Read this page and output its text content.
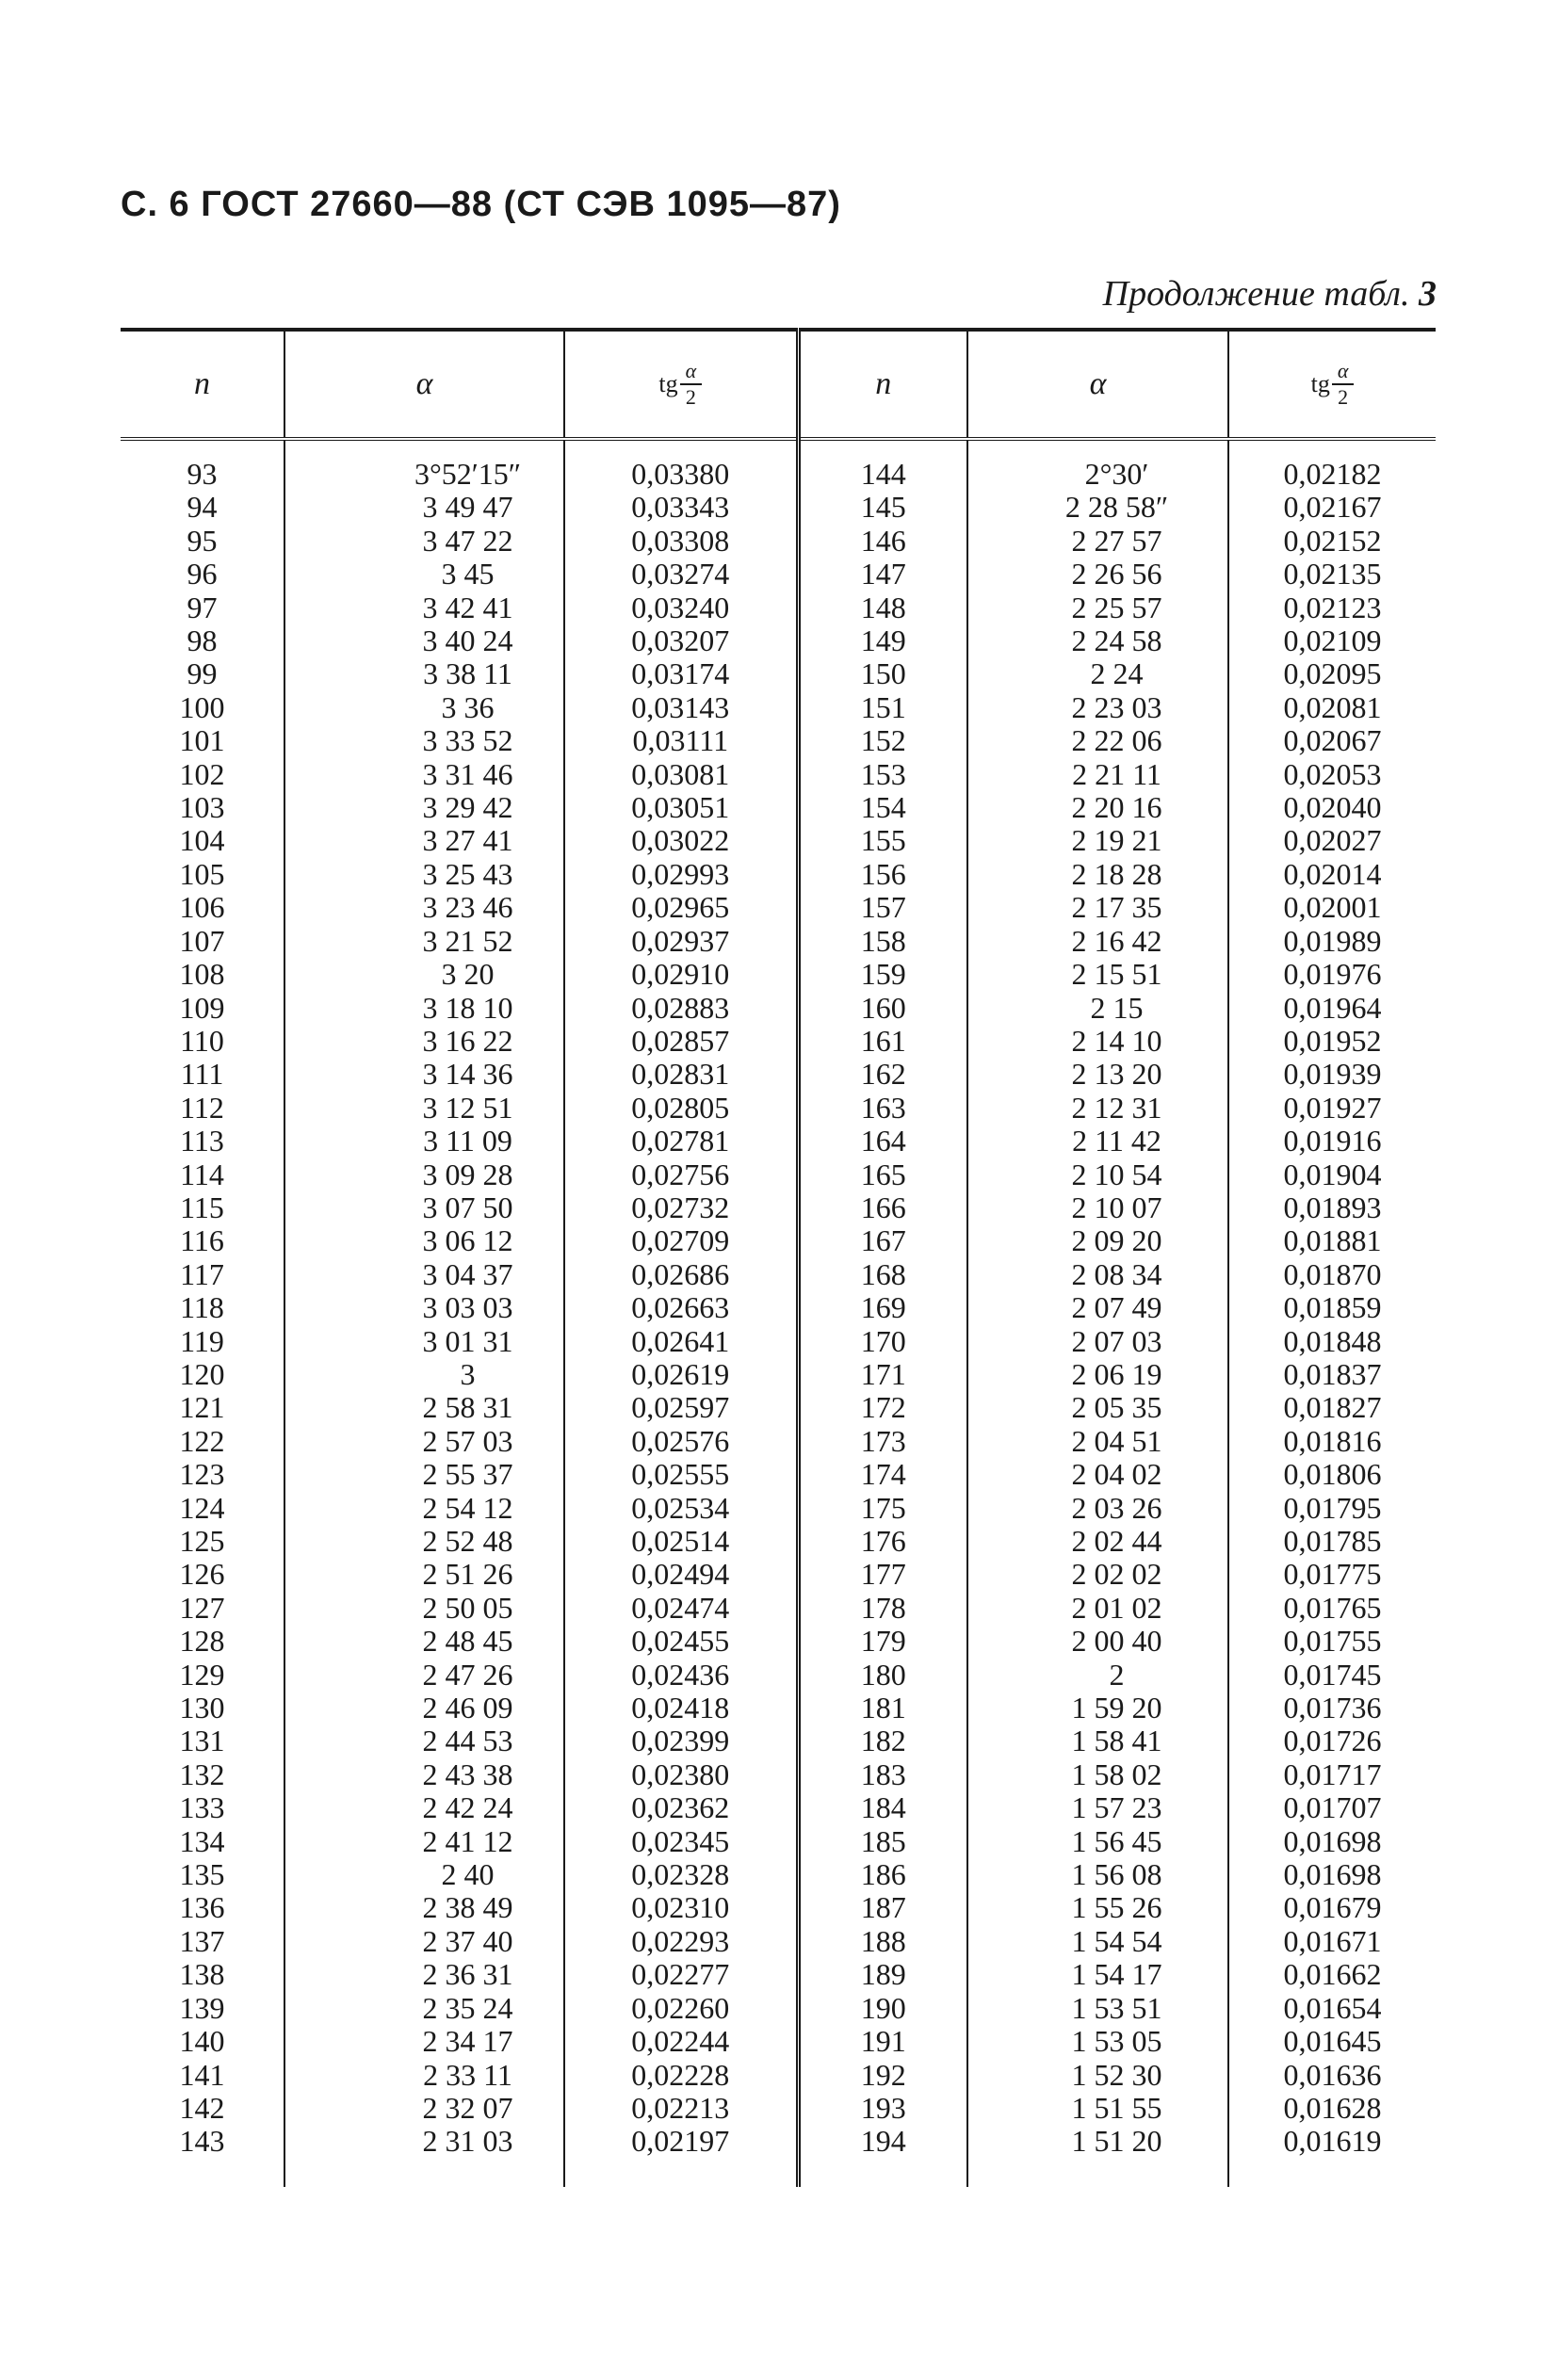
С. 6 ГОСТ 27660—88 (СТ СЭВ 1095—87)
Продолжение табл. 3
n	α	tg $\frac{\alpha}{2}$	n	α	tg $\frac{\alpha}{2}$

93	3°52′15″	0,03380	144	2°30′	0,02182
94	3 49 47	0,03343	145	2 28 58″	0,02167
95	3 47 22	0,03308	146	2 27 57	0,02152
96	3 45	0,03274	147	2 26 56	0,02135
97	3 42 41	0,03240	148	2 25 57	0,02123
98	3 40 24	0,03207	149	2 24 58	0,02109
99	3 38 11	0,03174	150	2 24	0,02095
100	3 36	0,03143	151	2 23 03	0,02081
101	3 33 52	0,03111	152	2 22 06	0,02067
102	3 31 46	0,03081	153	2 21 11	0,02053
103	3 29 42	0,03051	154	2 20 16	0,02040
104	3 27 41	0,03022	155	2 19 21	0,02027
105	3 25 43	0,02993	156	2 18 28	0,02014
106	3 23 46	0,02965	157	2 17 35	0,02001
107	3 21 52	0,02937	158	2 16 42	0,01989
108	3 20	0,02910	159	2 15 51	0,01976
109	3 18 10	0,02883	160	2 15	0,01964
110	3 16 22	0,02857	161	2 14 10	0,01952
111	3 14 36	0,02831	162	2 13 20	0,01939
112	3 12 51	0,02805	163	2 12 31	0,01927
113	3 11 09	0,02781	164	2 11 42	0,01916
114	3 09 28	0,02756	165	2 10 54	0,01904
115	3 07 50	0,02732	166	2 10 07	0,01893
116	3 06 12	0,02709	167	2 09 20	0,01881
117	3 04 37	0,02686	168	2 08 34	0,01870
118	3 03 03	0,02663	169	2 07 49	0,01859
119	3 01 31	0,02641	170	2 07 03	0,01848
120	3	0,02619	171	2 06 19	0,01837
121	2 58 31	0,02597	172	2 05 35	0,01827
122	2 57 03	0,02576	173	2 04 51	0,01816
123	2 55 37	0,02555	174	2 04 02	0,01806
124	2 54 12	0,02534	175	2 03 26	0,01795
125	2 52 48	0,02514	176	2 02 44	0,01785
126	2 51 26	0,02494	177	2 02 02	0,01775
127	2 50 05	0,02474	178	2 01 02	0,01765
128	2 48 45	0,02455	179	2 00 40	0,01755
129	2 47 26	0,02436	180	2	0,01745
130	2 46 09	0,02418	181	1 59 20	0,01736
131	2 44 53	0,02399	182	1 58 41	0,01726
132	2 43 38	0,02380	183	1 58 02	0,01717
133	2 42 24	0,02362	184	1 57 23	0,01707
134	2 41 12	0,02345	185	1 56 45	0,01698
135	2 40	0,02328	186	1 56 08	0,01698
136	2 38 49	0,02310	187	1 55 26	0,01679
137	2 37 40	0,02293	188	1 54 54	0,01671
138	2 36 31	0,02277	189	1 54 17	0,01662
139	2 35 24	0,02260	190	1 53 51	0,01654
140	2 34 17	0,02244	191	1 53 05	0,01645
141	2 33 11	0,02228	192	1 52 30	0,01636
142	2 32 07	0,02213	193	1 51 55	0,01628
143	2 31 03	0,02197	194	1 51 20	0,01619
